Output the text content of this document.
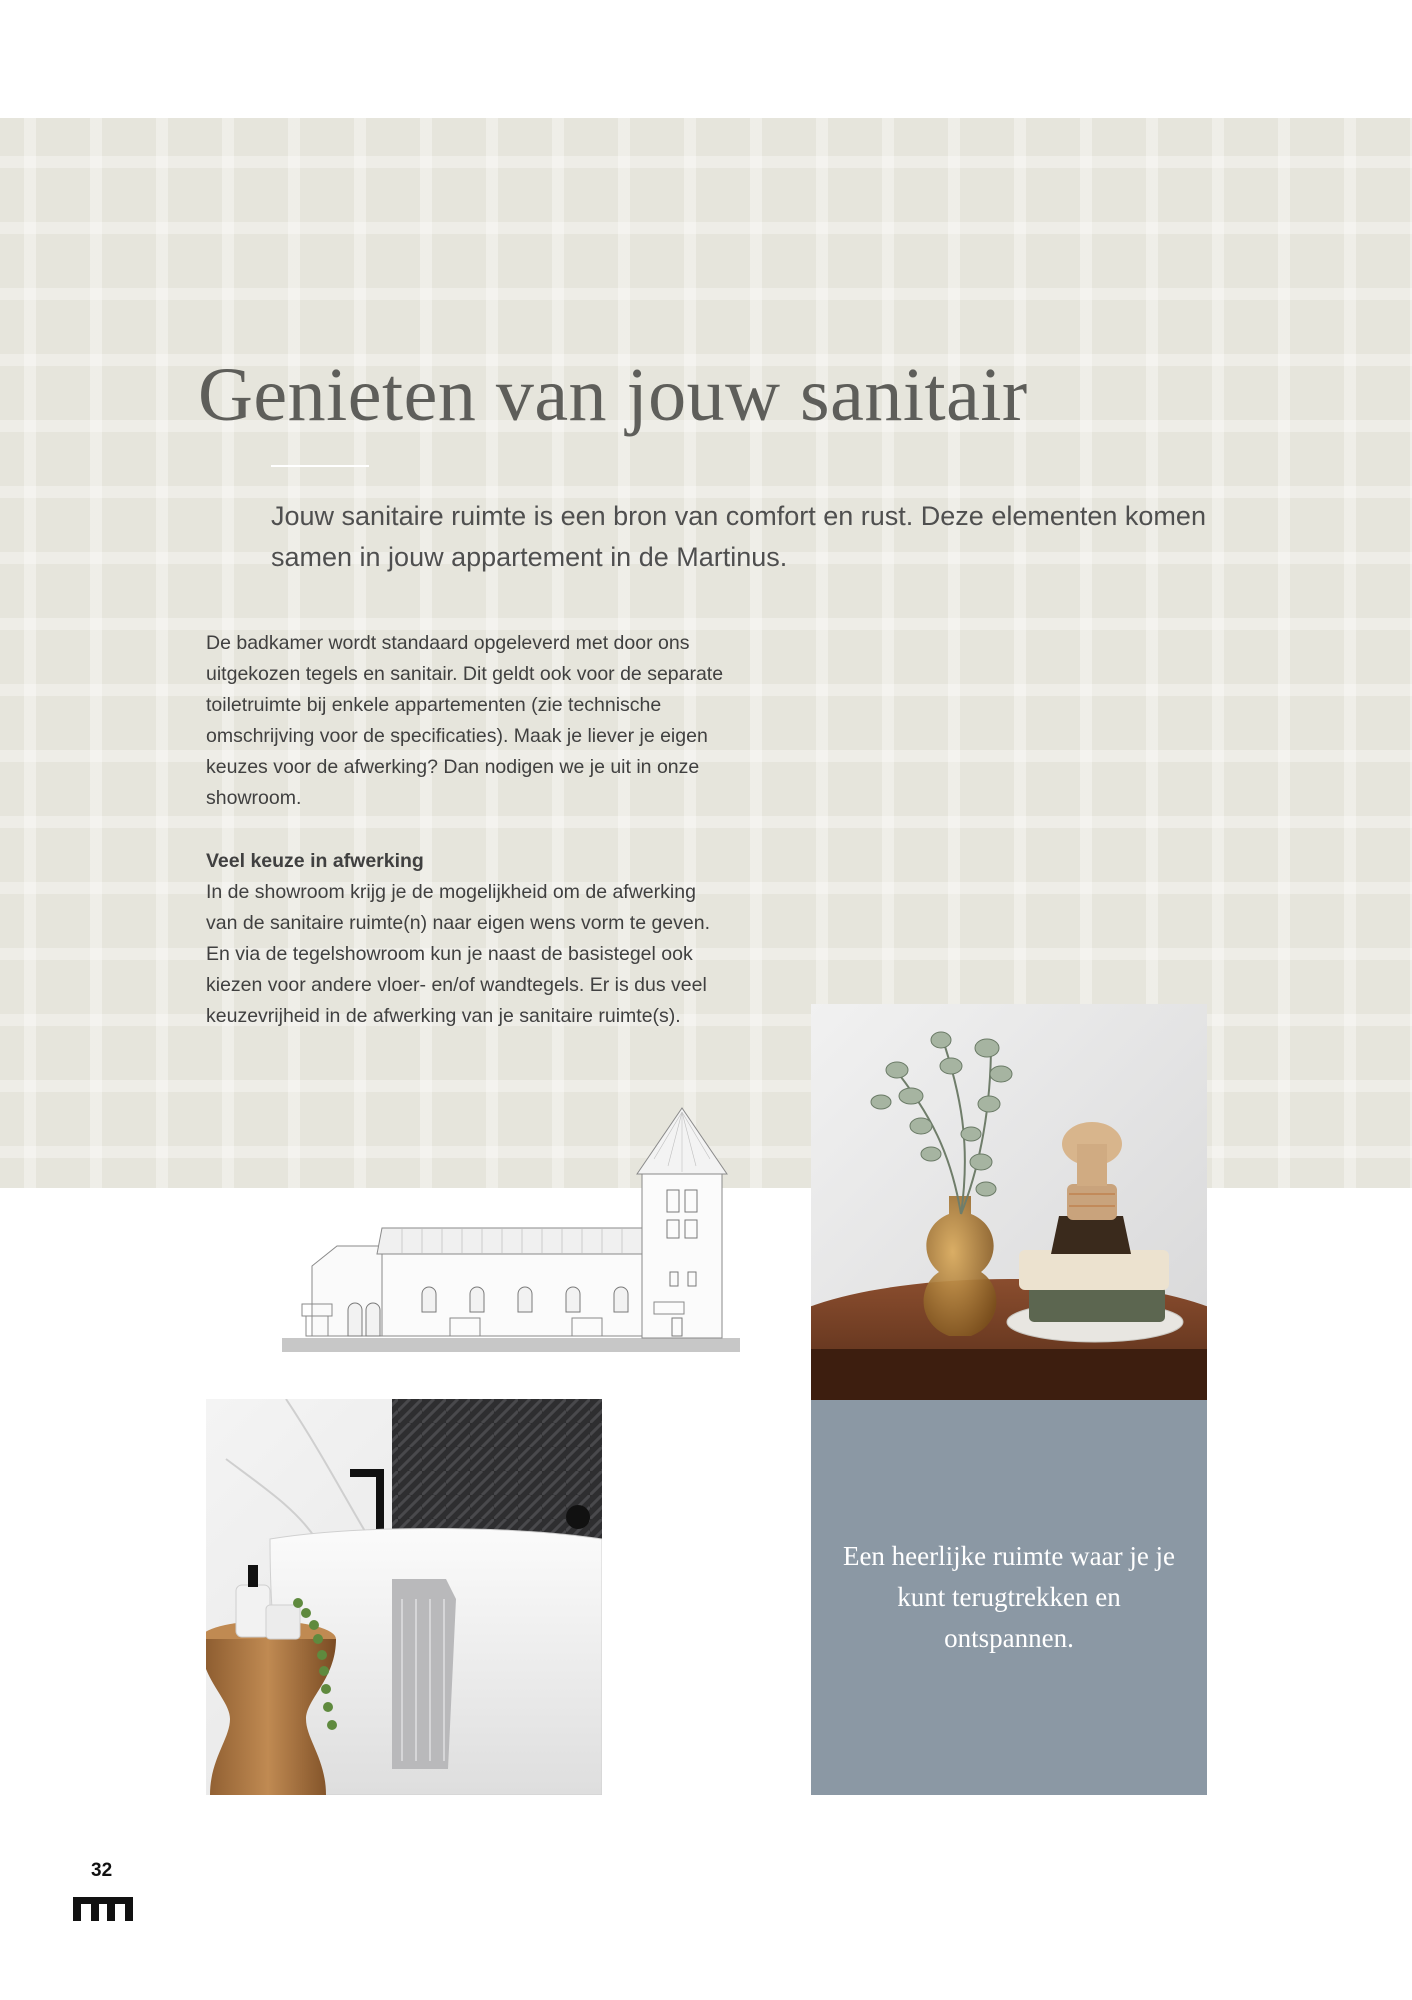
Genieten van jouw sanitair

Jouw sanitaire ruimte is een bron van comfort en rust. Deze elementen komen samen in jouw appartement in de Martinus.

De badkamer wordt standaard opgeleverd met door ons uitgekozen tegels en sanitair. Dit geldt ook voor de separate toiletruimte bij enkele appartementen (zie technische omschrijving voor de specificaties). Maak je liever je eigen keuzes voor de afwerking? Dan nodigen we je uit in onze showroom.

Veel keuze in afwerking
In de showroom krijg je de mogelijkheid om de afwerking van de sanitaire ruimte(n) naar eigen wens vorm te geven. En via de tegelshowroom kun je naast de basistegel ook kiezen voor andere vloer- en/of wandtegels. Er is dus veel keuzevrijheid in de afwerking van je sanitaire ruimte(s).

Een heerlijke ruimte waar je je kunt terugtrekken en ontspannen.

32
